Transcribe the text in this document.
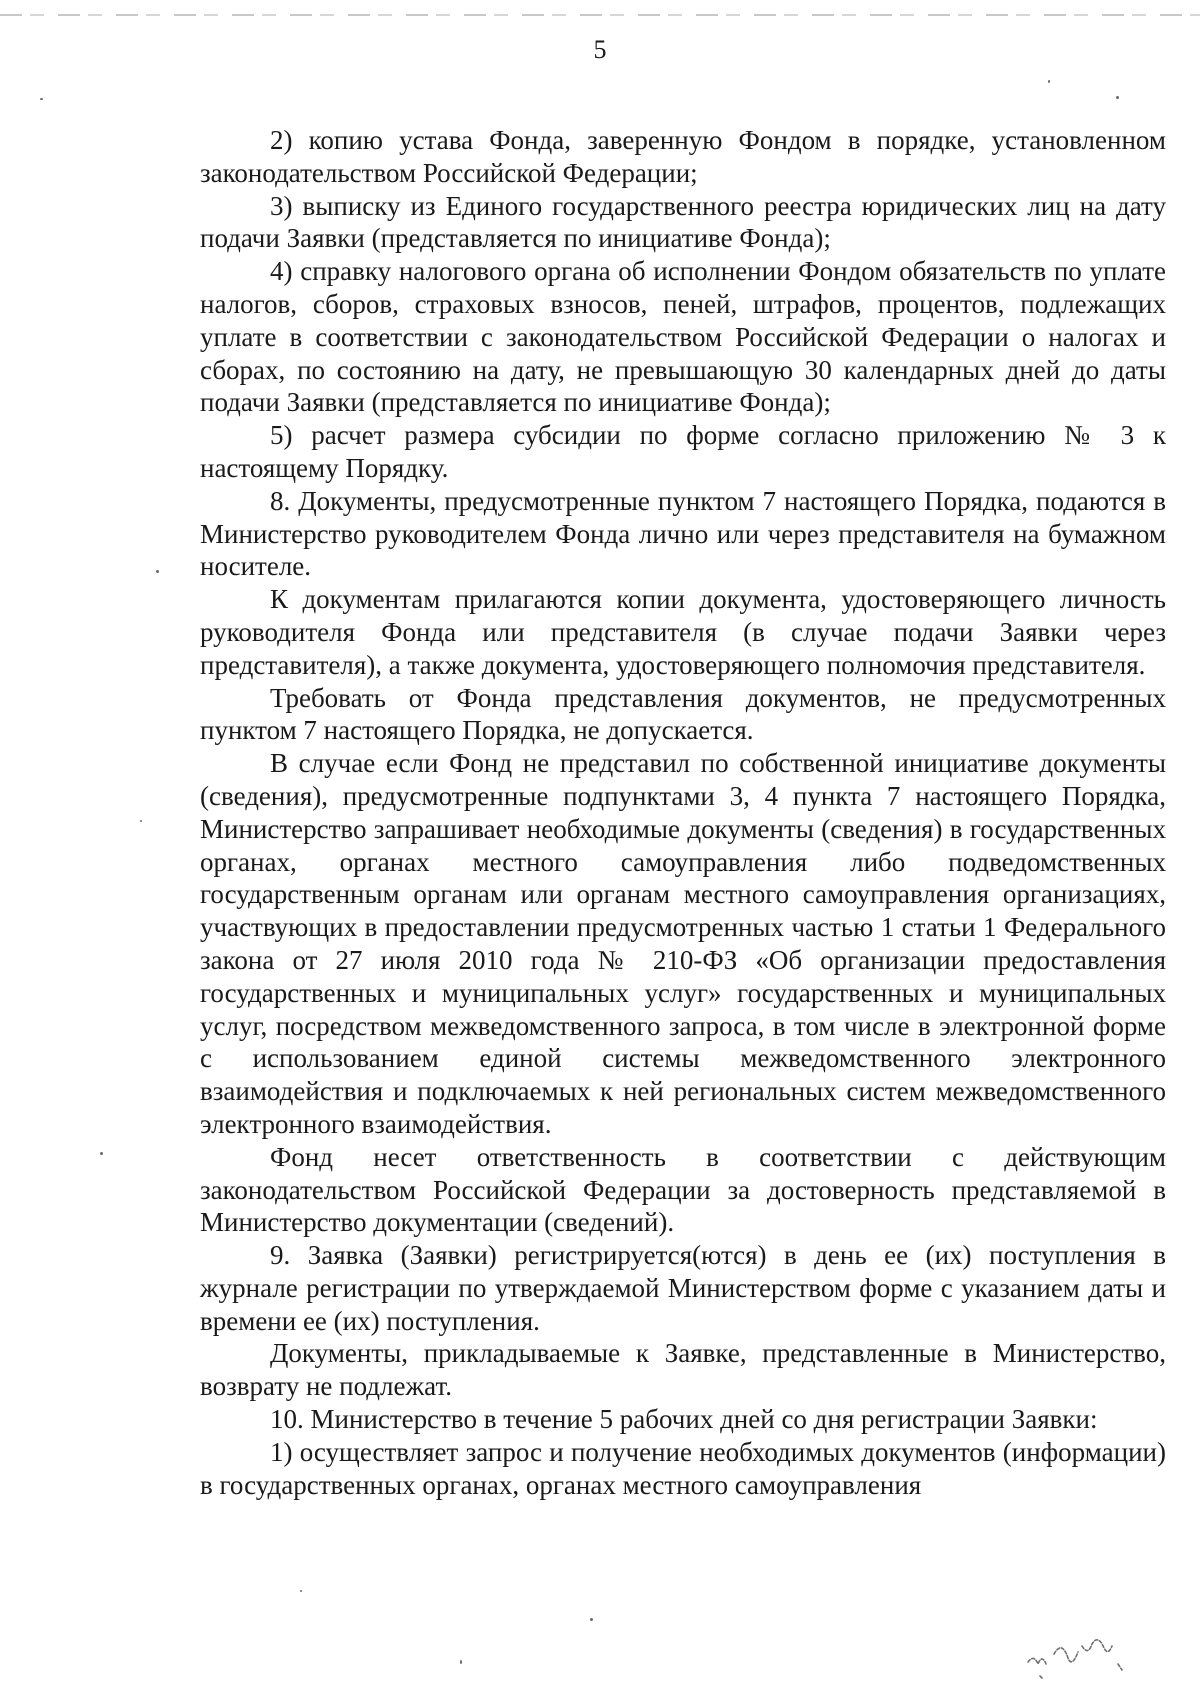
5

2) копию устава Фонда, заверенную Фондом в порядке, установленном законодательством Российской Федерации;

3) выписку из Единого государственного реестра юридических лиц на дату подачи Заявки (представляется по инициативе Фонда);

4) справку налогового органа об исполнении Фондом обязательств по уплате налогов, сборов, страховых взносов, пеней, штрафов, процентов, подлежащих уплате в соответствии с законодательством Российской Федерации о налогах и сборах, по состоянию на дату, не превышающую 30 календарных дней до даты подачи Заявки (представляется по инициативе Фонда);

5) расчет размера субсидии по форме согласно приложению № 3 к настоящему Порядку.

8. Документы, предусмотренные пунктом 7 настоящего Порядка, подаются в Министерство руководителем Фонда лично или через представителя на бумажном носителе.

К документам прилагаются копии документа, удостоверяющего личность руководителя Фонда или представителя (в случае подачи Заявки через представителя), а также документа, удостоверяющего полномочия представителя.

Требовать от Фонда представления документов, не предусмотренных пунктом 7 настоящего Порядка, не допускается.

В случае если Фонд не представил по собственной инициативе документы (сведения), предусмотренные подпунктами 3, 4 пункта 7 настоящего Порядка, Министерство запрашивает необходимые документы (сведения) в государственных органах, органах местного самоуправления либо подведомственных государственным органам или органам местного самоуправления организациях, участвующих в предоставлении предусмотренных частью 1 статьи 1 Федерального закона от 27 июля 2010 года № 210-ФЗ «Об организации предоставления государственных и муниципальных услуг» государственных и муниципальных услуг, посредством межведомственного запроса, в том числе в электронной форме с использованием единой системы межведомственного электронного взаимодействия и подключаемых к ней региональных систем межведомственного электронного взаимодействия.

Фонд несет ответственность в соответствии с действующим законодательством Российской Федерации за достоверность представляемой в Министерство документации (сведений).

9. Заявка (Заявки) регистрируется(ются) в день ее (их) поступления в журнале регистрации по утверждаемой Министерством форме с указанием даты и времени ее (их) поступления.

Документы, прикладываемые к Заявке, представленные в Министерство, возврату не подлежат.

10. Министерство в течение 5 рабочих дней со дня регистрации Заявки:

1) осуществляет запрос и получение необходимых документов (информации) в государственных органах, органах местного самоуправления
